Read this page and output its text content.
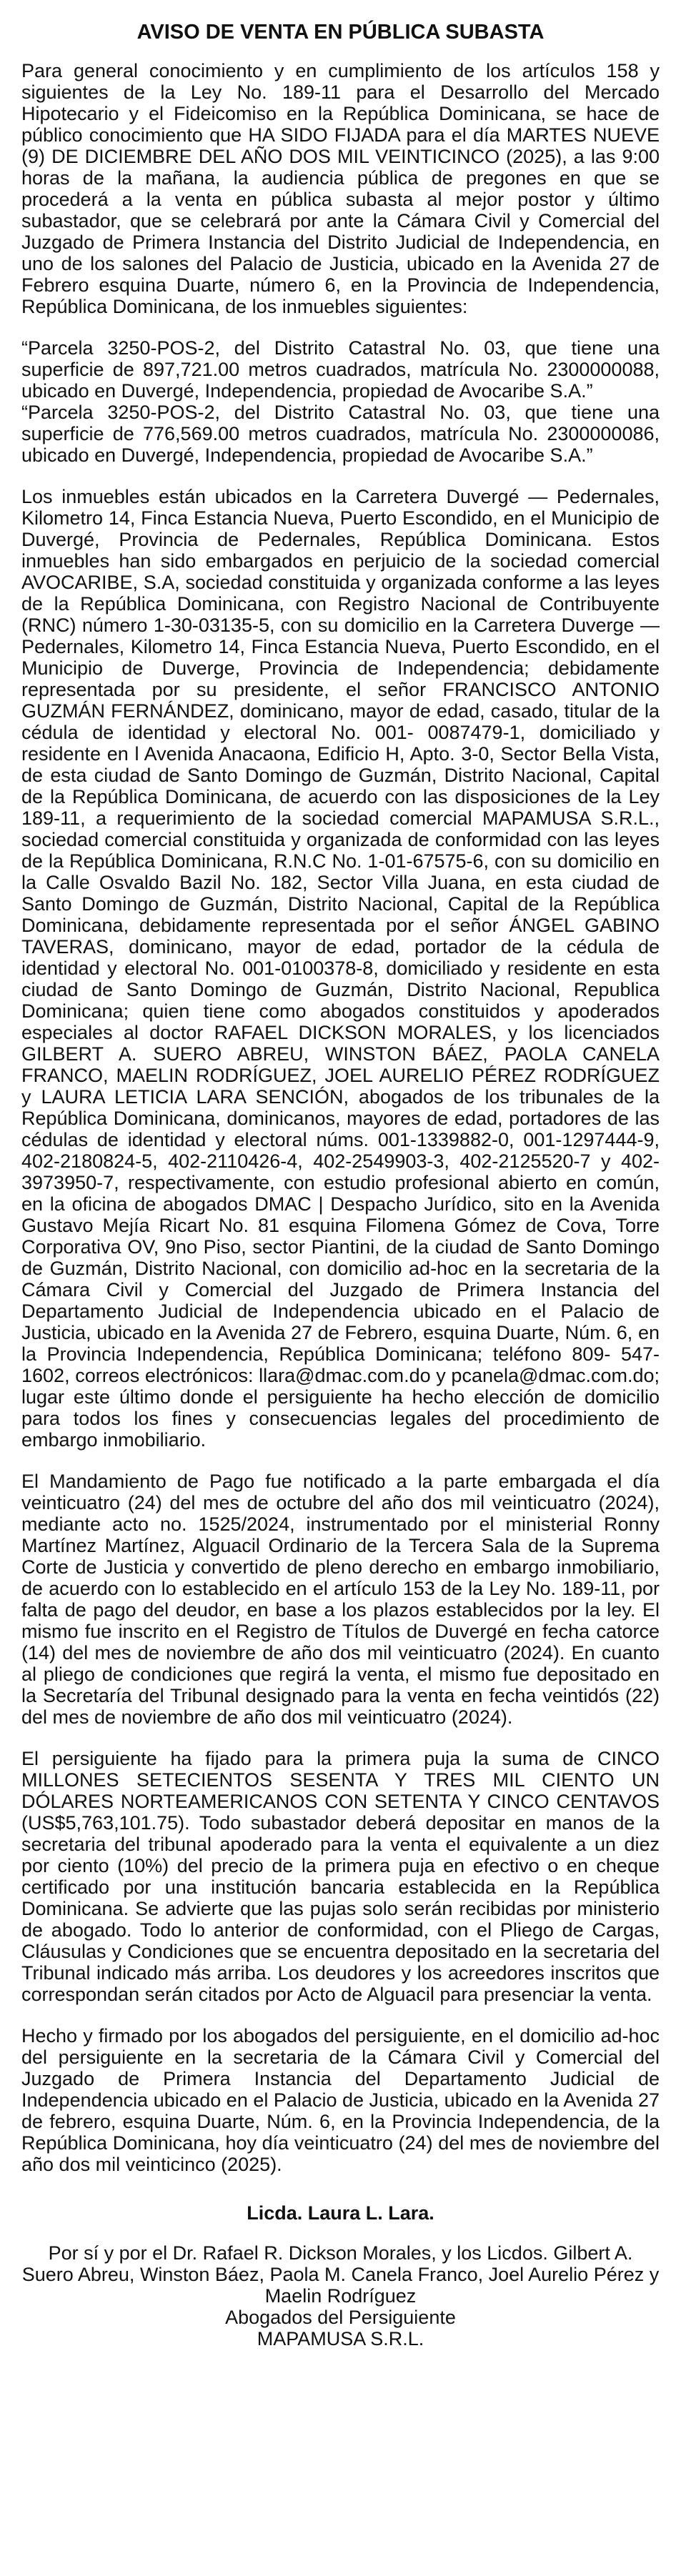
AVISO DE VENTA EN PÚBLICA SUBASTA

Para general conocimiento y en cumplimiento de los artículos 158 y siguientes de la Ley No. 189-11 para el Desarrollo del Mercado Hipotecario y el Fideicomiso en la República Dominicana, se hace de público conocimiento que HA SIDO FIJADA para el día MARTES NUEVE (9) DE DICIEMBRE DEL AÑO DOS MIL VEINTICINCO (2025), a las 9:00 horas de la mañana, la audiencia pública de pregones en que se procederá a la venta en pública subasta al mejor postor y último subastador, que se celebrará por ante la Cámara Civil y Comercial del Juzgado de Primera Instancia del Distrito Judicial de Independencia, en uno de los salones del Palacio de Justicia, ubicado en la Avenida 27 de Febrero esquina Duarte, número 6, en la Provincia de Independencia, República Dominicana, de los inmuebles siguientes:

“Parcela 3250-POS-2, del Distrito Catastral No. 03, que tiene una superficie de 897,721.00 metros cuadrados, matrícula No. 2300000088, ubicado en Duvergé, Independencia, propiedad de Avocaribe S.A.”

“Parcela 3250-POS-2, del Distrito Catastral No. 03, que tiene una superficie de 776,569.00 metros cuadrados, matrícula No. 2300000086, ubicado en Duvergé, Independencia, propiedad de Avocaribe S.A.”

Los inmuebles están ubicados en la Carretera Duvergé — Pedernales, Kilometro 14, Finca Estancia Nueva, Puerto Escondido, en el Municipio de Duvergé, Provincia de Pedernales, República Dominicana. Estos inmuebles han sido embargados en perjuicio de la sociedad comercial AVOCARIBE, S.A, sociedad constituida y organizada conforme a las leyes de la República Dominicana, con Registro Nacional de Contribuyente (RNC) número 1-30-03135-5, con su domicilio en la Carretera Duverge —Pedernales, Kilometro 14, Finca Estancia Nueva, Puerto Escondido, en el Municipio de Duverge, Provincia de Independencia; debidamente representada por su presidente, el señor FRANCISCO ANTONIO GUZMÁN FERNÁNDEZ, dominicano, mayor de edad, casado, titular de la cédula de identidad y electoral No. 001- 0087479-1, domiciliado y residente en l Avenida Anacaona, Edificio H, Apto. 3-0, Sector Bella Vista, de esta ciudad de Santo Domingo de Guzmán, Distrito Nacional, Capital de la República Dominicana, de acuerdo con las disposiciones de la Ley 189-11, a requerimiento de la sociedad comercial MAPAMUSA S.R.L., sociedad comercial constituida y organizada de conformidad con las leyes de la República Dominicana, R.N.C No. 1-01-67575-6, con su domicilio en la Calle Osvaldo Bazil No. 182, Sector Villa Juana, en esta ciudad de Santo Domingo de Guzmán, Distrito Nacional, Capital de la República Dominicana, debidamente representada por el señor ÁNGEL GABINO TAVERAS, dominicano, mayor de edad, portador de la cédula de identidad y electoral No. 001-0100378-8, domiciliado y residente en esta ciudad de Santo Domingo de Guzmán, Distrito Nacional, Republica Dominicana; quien tiene como abogados constituidos y apoderados especiales al doctor RAFAEL DICKSON MORALES, y los licenciados GILBERT A. SUERO ABREU, WINSTON BÁEZ, PAOLA CANELA FRANCO, MAELIN RODRÍGUEZ, JOEL AURELIO PÉREZ RODRÍGUEZ y LAURA LETICIA LARA SENCIÓN, abogados de los tribunales de la República Dominicana, dominicanos, mayores de edad, portadores de las cédulas de identidad y electoral núms. 001-1339882-0, 001-1297444-9, 402-2180824-5, 402-2110426-4, 402-2549903-3, 402-2125520-7 y 402-3973950-7, respectivamente, con estudio profesional abierto en común, en la oficina de abogados DMAC | Despacho Jurídico, sito en la Avenida Gustavo Mejía Ricart No. 81 esquina Filomena Gómez de Cova, Torre Corporativa OV, 9no Piso, sector Piantini, de la ciudad de Santo Domingo de Guzmán, Distrito Nacional, con domicilio ad-hoc en la secretaria de la Cámara Civil y Comercial del Juzgado de Primera Instancia del Departamento Judicial de Independencia ubicado en el Palacio de Justicia, ubicado en la Avenida 27 de Febrero, esquina Duarte, Núm. 6, en la Provincia Independencia, República Dominicana; teléfono 809- 547-1602, correos electrónicos: llara@dmac.com.do y pcanela@dmac.com.do; lugar este último donde el persiguiente ha hecho elección de domicilio para todos los fines y consecuencias legales del procedimiento de embargo inmobiliario.

El Mandamiento de Pago fue notificado a la parte embargada el día veinticuatro (24) del mes de octubre del año dos mil veinticuatro (2024), mediante acto no. 1525/2024, instrumentado por el ministerial Ronny Martínez Martínez, Alguacil Ordinario de la Tercera Sala de la Suprema Corte de Justicia y convertido de pleno derecho en embargo inmobiliario, de acuerdo con lo establecido en el artículo 153 de la Ley No. 189-11, por falta de pago del deudor, en base a los plazos establecidos por la ley. El mismo fue inscrito en el Registro de Títulos de Duvergé en fecha catorce (14) del mes de noviembre de año dos mil veinticuatro (2024). En cuanto al pliego de condiciones que regirá la venta, el mismo fue depositado en la Secretaría del Tribunal designado para la venta en fecha veintidós (22) del mes de noviembre de año dos mil veinticuatro (2024).

El persiguiente ha fijado para la primera puja la suma de CINCO MILLONES SETECIENTOS SESENTA Y TRES MIL CIENTO UN DÓLARES NORTEAMERICANOS CON SETENTA Y CINCO CENTAVOS (US$5,763,101.75). Todo subastador deberá depositar en manos de la secretaria del tribunal apoderado para la venta el equivalente a un diez por ciento (10%) del precio de la primera puja en efectivo o en cheque certificado por una institución bancaria establecida en la República Dominicana. Se advierte que las pujas solo serán recibidas por ministerio de abogado. Todo lo anterior de conformidad, con el Pliego de Cargas, Cláusulas y Condiciones que se encuentra depositado en la secretaria del Tribunal indicado más arriba. Los deudores y los acreedores inscritos que correspondan serán citados por Acto de Alguacil para presenciar la venta.

Hecho y firmado por los abogados del persiguiente, en el domicilio ad-hoc del persiguiente en la secretaria de la Cámara Civil y Comercial del Juzgado de Primera Instancia del Departamento Judicial de Independencia ubicado en el Palacio de Justicia, ubicado en la Avenida 27 de febrero, esquina Duarte, Núm. 6, en la Provincia Independencia, de la República Dominicana, hoy día veinticuatro (24) del mes de noviembre del año dos mil veinticinco (2025).

Licda. Laura L. Lara.

Por sí y por el Dr. Rafael R. Dickson Morales, y los Licdos. Gilbert A. Suero Abreu, Winston Báez, Paola M. Canela Franco, Joel Aurelio Pérez y Maelin Rodríguez
Abogados del Persiguiente
MAPAMUSA S.R.L.
